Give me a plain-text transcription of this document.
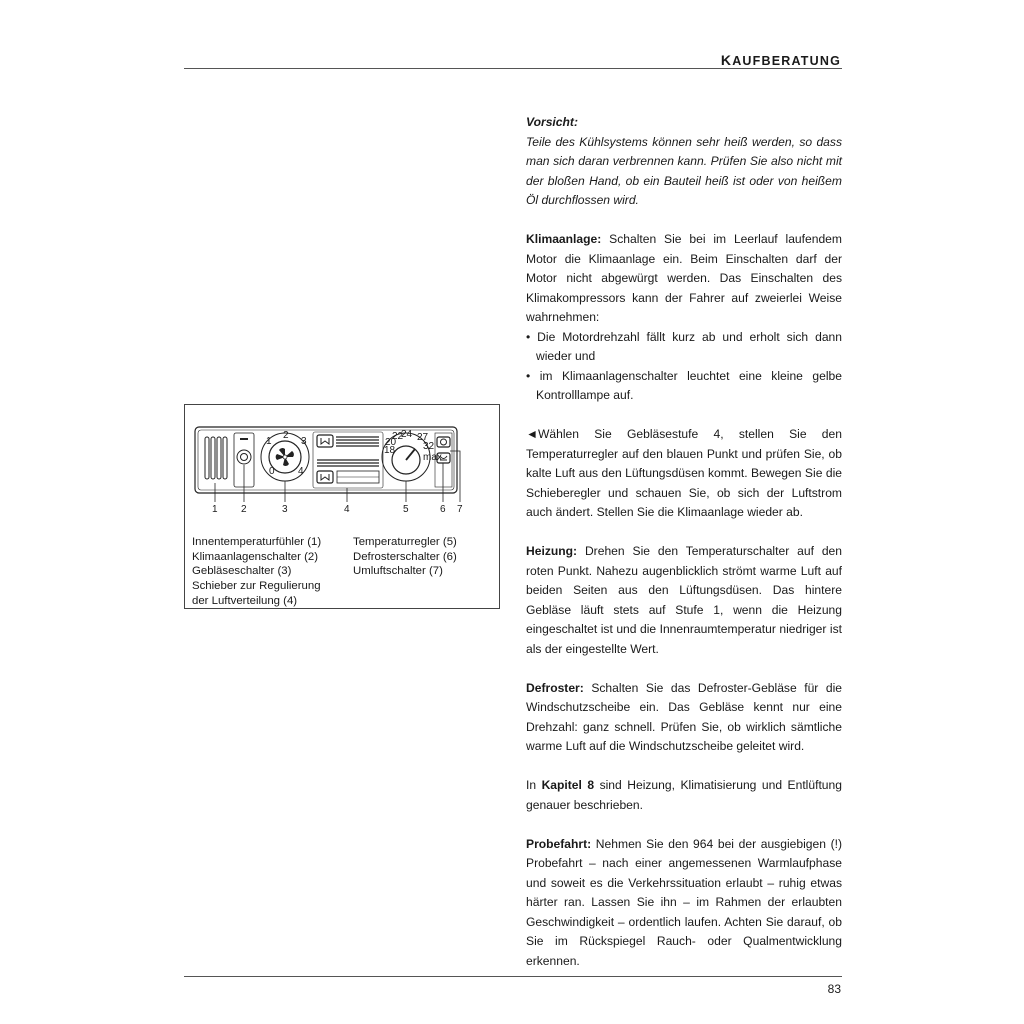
KAUFBERATUNG
2
1	3
0 4
24
18
20
22 27
32
max
1 2	3	4	5	6 7
Innentemperaturfühler (1)
Klimaanlagenschalter (2)
Gebläseschalter (3)
Schieber zur Regulierung
der Luftverteilung (4)
Temperaturregler (5)
Defrosterschalter (6)
Umluftschalter (7)

Vorsicht:

Teile des Kühlsystems können sehr heiß werden, so dass man sich daran verbrennen kann. Prüfen Sie also nicht mit der bloßen Hand, ob ein Bauteil heiß ist oder von heißem Öl durchflossen wird.

Klimaanlage: Schalten Sie bei im Leerlauf laufendem Motor die Klimaanlage ein. Beim Einschalten darf der Motor nicht abgewürgt werden. Das Einschalten des Klimakompressors kann der Fahrer auf zweierlei Weise wahrnehmen:

• Die Motordrehzahl fällt kurz ab und erholt sich dann wieder und

• im Klimaanlagenschalter leuchtet eine kleine gelbe Kontrolllampe auf.

◄Wählen Sie Gebläsestufe 4, stellen Sie den Temperaturregler auf den blauen Punkt und prüfen Sie, ob kalte Luft aus den Lüftungsdüsen kommt. Bewegen Sie die Schieberegler und schauen Sie, ob sich der Luftstrom auch ändert. Stellen Sie die Klimaanlage wieder ab.

Heizung: Drehen Sie den Temperaturschalter auf den roten Punkt. Nahezu augenblicklich strömt warme Luft auf beiden Seiten aus den Lüftungsdüsen. Das hintere Gebläse läuft stets auf Stufe 1, wenn die Heizung eingeschaltet ist und die Innenraumtemperatur niedriger ist als der eingestellte Wert.

Defroster: Schalten Sie das Defroster-Gebläse für die Windschutzscheibe ein. Das Gebläse kennt nur eine Drehzahl: ganz schnell. Prüfen Sie, ob wirklich sämtliche warme Luft auf die Windschutzscheibe geleitet wird.

In Kapitel 8 sind Heizung, Klimatisierung und Entlüftung genauer beschrieben.

Probefahrt: Nehmen Sie den 964 bei der ausgiebigen (!) Probefahrt – nach einer angemessenen Warmlaufphase und soweit es die Verkehrssituation erlaubt – ruhig etwas härter ran. Lassen Sie ihn – im Rahmen der erlaubten Geschwindigkeit – ordentlich laufen. Achten Sie darauf, ob Sie im Rückspiegel Rauch- oder Qualmentwicklung erkennen.

83
